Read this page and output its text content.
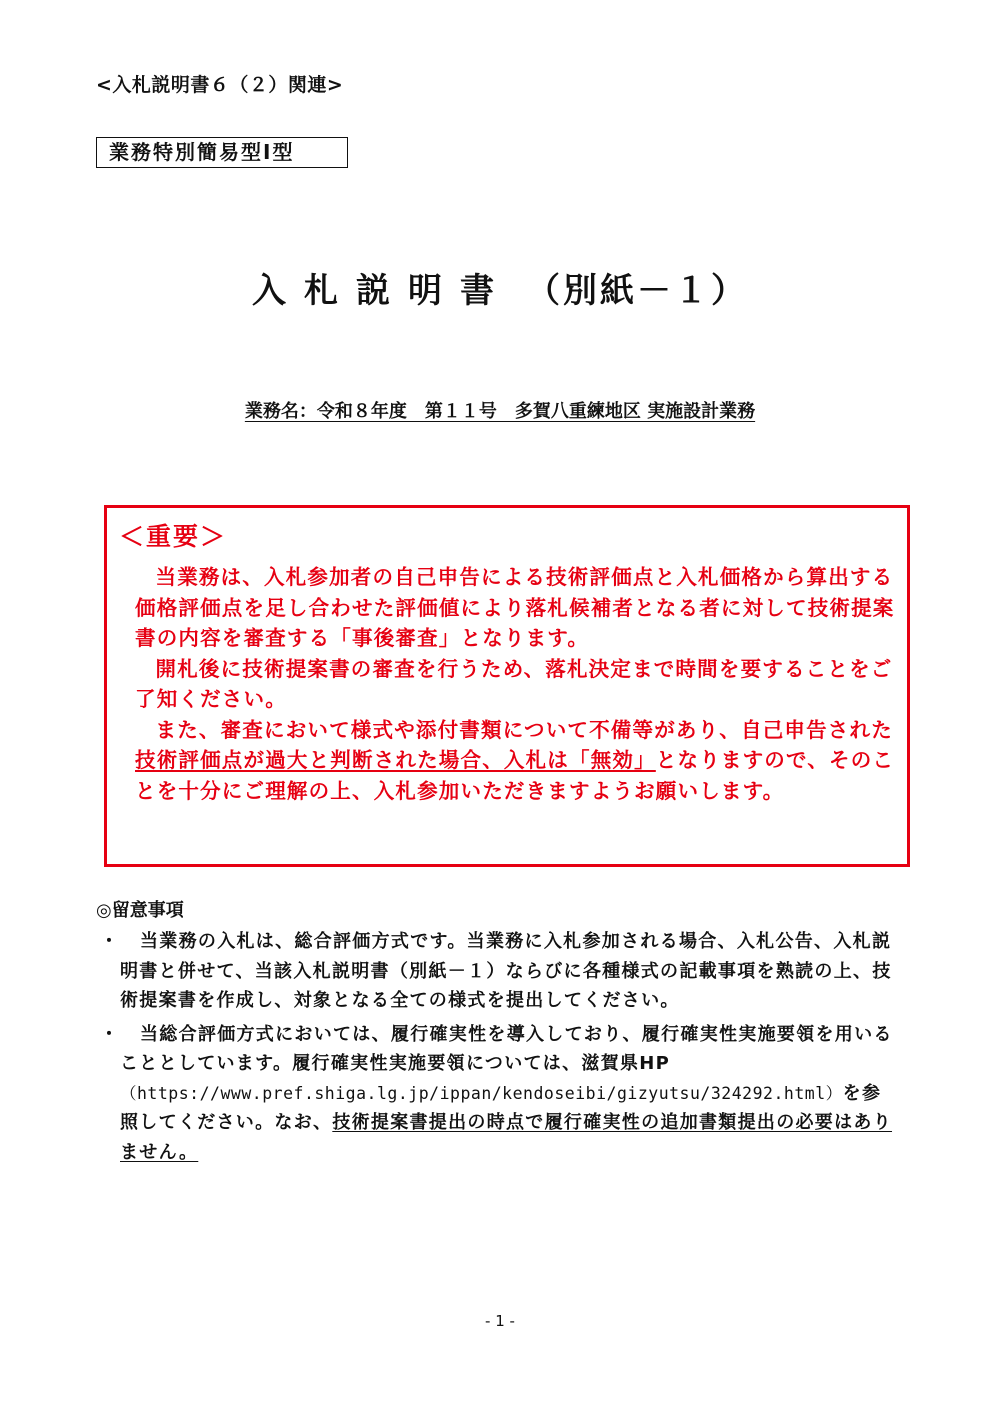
<入札説明書６（２）関連>
業務特別簡易型Ⅰ型
入札説明書 （別紙－１）
業務名：令和８年度　第１１号　多賀八重練地区 実施設計業務
＜重要＞

当業務は、入札参加者の自己申告による技術評価点と入札価格から算出する価格評価点を足し合わせた評価値により落札候補者となる者に対して技術提案書の内容を審査する「事後審査」となります。

開札後に技術提案書の審査を行うため、落札決定まで時間を要することをご了知ください。

また、審査において様式や添付書類について不備等があり、自己申告された技術評価点が過大と判断された場合、入札は「無効」となりますので、そのことを十分にご理解の上、入札参加いただきますようお願いします。

◎留意事項
・ 当業務の入札は、総合評価方式です。当業務に入札参加される場合、入札公告、入札説明書と併せて、当該入札説明書（別紙－１）ならびに各種様式の記載事項を熟読の上、技術提案書を作成し、対象となる全ての様式を提出してください。
・ 当総合評価方式においては、履行確実性を導入しており、履行確実性実施要領を用いることとしています。履行確実性実施要領については、滋賀県HP（https://www.pref.shiga.lg.jp/ippan/kendoseibi/gizyutsu/324292.html）を参照してください。なお、技術提案書提出の時点で履行確実性の追加書類提出の必要はありません。
- 1 -
